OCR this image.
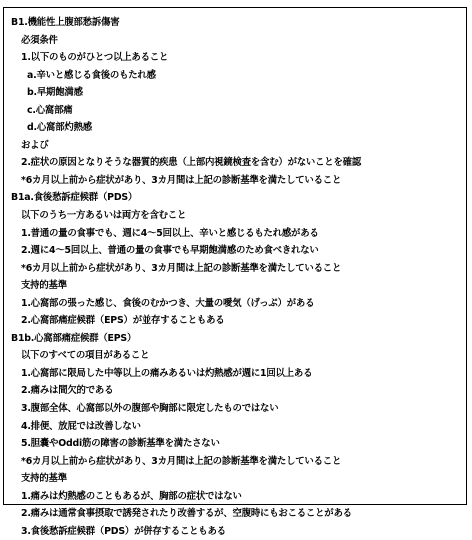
B1.機能性上腹部愁訴傷害
必須条件
1.以下のものがひとつ以上あること
a.辛いと感じる食後のもたれ感
b.早期飽満感
c.心窩部痛
d.心窩部灼熱感
および
2.症状の原因となりそうな器質的疾患（上部内視鏡検査を含む）がないことを確認
*6カ月以上前から症状があり、3カ月間は上記の診断基準を満たしていること
B1a.食後愁訴症候群（PDS）
以下のうち一方あるいは両方を含むこと
1.普通の量の食事でも、週に4～5回以上、辛いと感じるもたれ感がある
2.週に4～5回以上、普通の量の食事でも早期飽満感のため食べきれない
*6カ月以上前から症状があり、3カ月間は上記の診断基準を満たしていること
支持的基準
1.心窩部の張った感じ、食後のむかつき、大量の噯気（げっぷ）がある
2.心窩部痛症候群（EPS）が並存することもある
B1b.心窩部痛症候群（EPS）
以下のすべての項目があること
1.心窩部に限局した中等以上の痛みあるいは灼熱感が週に1回以上ある
2.痛みは間欠的である
3.腹部全体、心窩部以外の腹部や胸部に限定したものではない
4.排便、放屁では改善しない
5.胆嚢やOddi筋の障害の診断基準を満たさない
*6カ月以上前から症状があり、3カ月間は上記の診断基準を満たしていること
支持的基準
1.痛みは灼熱感のこともあるが、胸部の症状ではない
2.痛みは通常食事摂取で誘発されたり改善するが、空腹時にもおこることがある
3.食後愁訴症候群（PDS）が併存することもある
